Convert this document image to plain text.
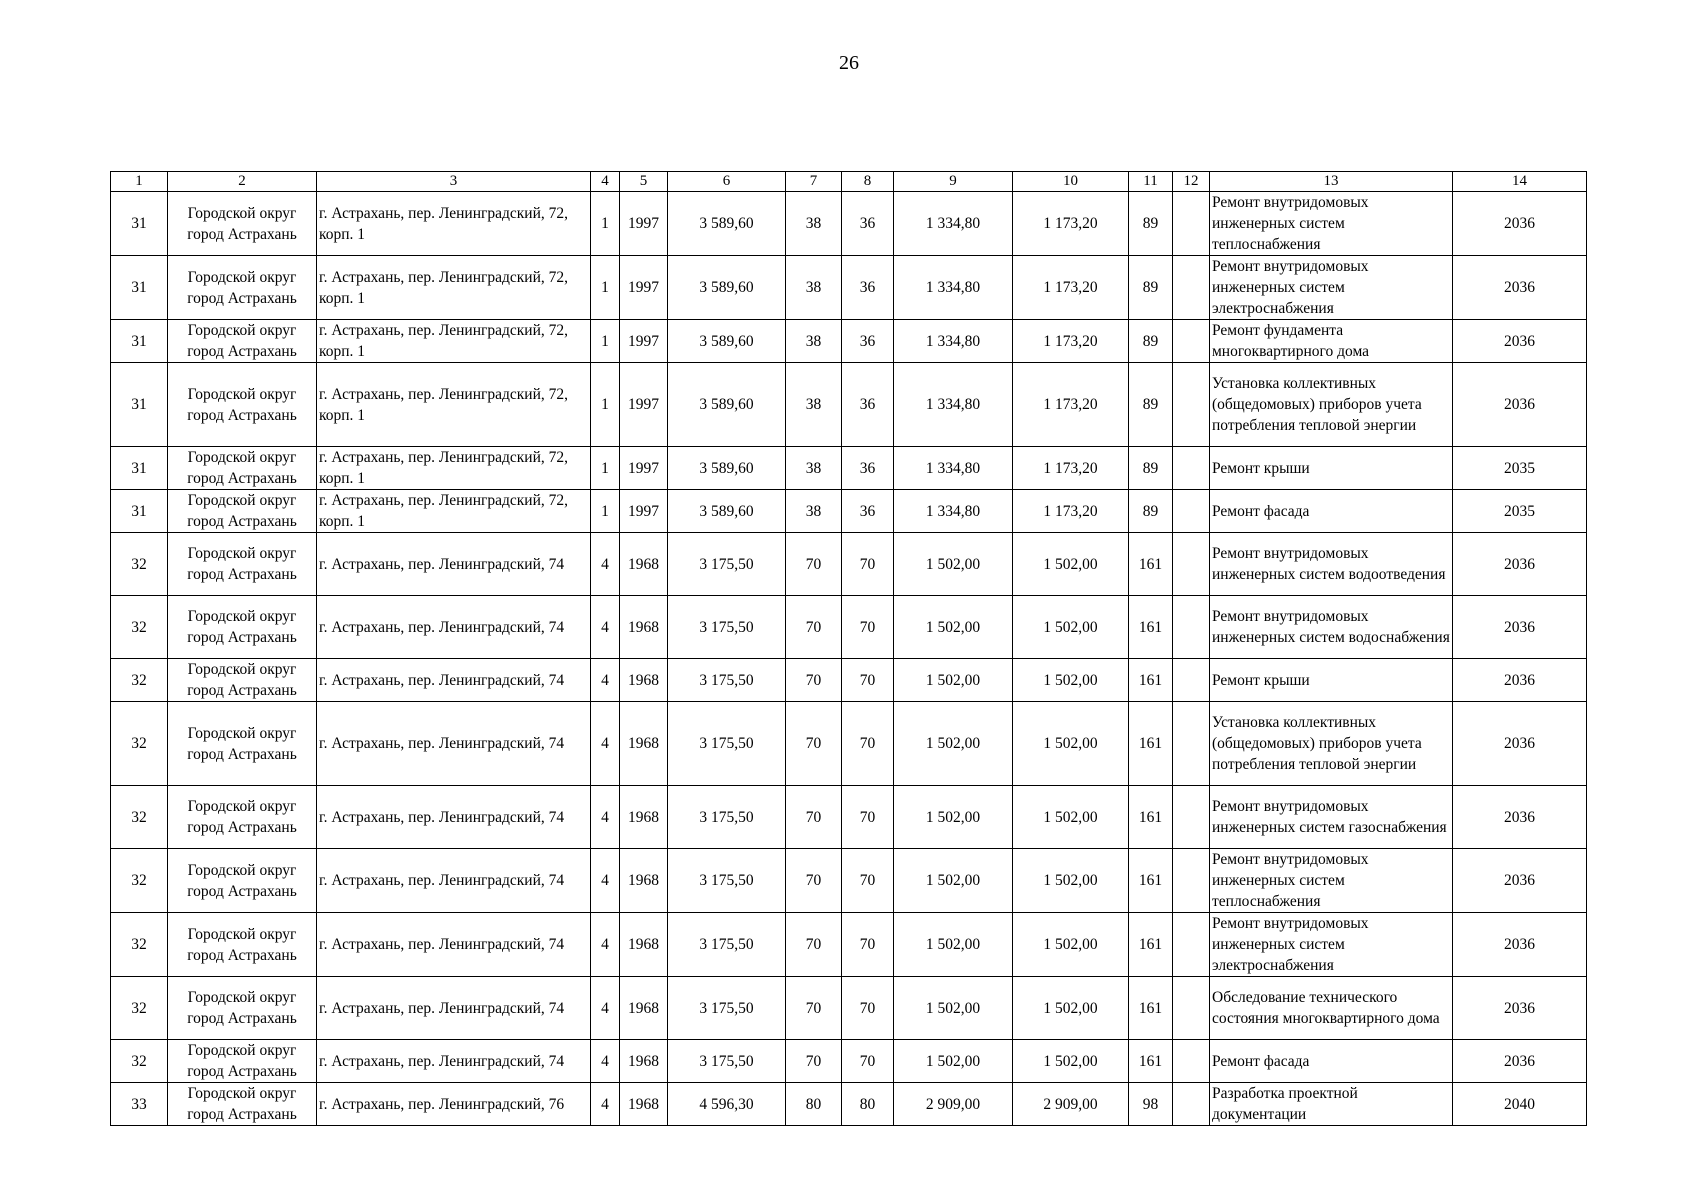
26
1	2	3	4	5	6	7	8	9	10	11	12	13	14
31	Городской округ город Астрахань	г. Астрахань, пер. Ленинградский, 72, корп. 1	1	1997	3 589,60	38	36	1 334,80	1 173,20	89		Ремонт внутридомовых инженерных систем теплоснабжения	2036
31	Городской округ город Астрахань	г. Астрахань, пер. Ленинградский, 72, корп. 1	1	1997	3 589,60	38	36	1 334,80	1 173,20	89		Ремонт внутридомовых инженерных систем электроснабжения	2036
31	Городской округ город Астрахань	г. Астрахань, пер. Ленинградский, 72, корп. 1	1	1997	3 589,60	38	36	1 334,80	1 173,20	89		Ремонт фундамента многоквартирного дома	2036
31	Городской округ город Астрахань	г. Астрахань, пер. Ленинградский, 72, корп. 1	1	1997	3 589,60	38	36	1 334,80	1 173,20	89		Установка коллективных (общедомовых) приборов учета потребления тепловой энергии	2036
31	Городской округ город Астрахань	г. Астрахань, пер. Ленинградский, 72, корп. 1	1	1997	3 589,60	38	36	1 334,80	1 173,20	89		Ремонт крыши	2035
31	Городской округ город Астрахань	г. Астрахань, пер. Ленинградский, 72, корп. 1	1	1997	3 589,60	38	36	1 334,80	1 173,20	89		Ремонт фасада	2035
32	Городской округ город Астрахань	г. Астрахань, пер. Ленинградский, 74	4	1968	3 175,50	70	70	1 502,00	1 502,00	161		Ремонт внутридомовых инженерных систем водоотведения	2036
32	Городской округ город Астрахань	г. Астрахань, пер. Ленинградский, 74	4	1968	3 175,50	70	70	1 502,00	1 502,00	161		Ремонт внутридомовых инженерных систем водоснабжения	2036
32	Городской округ город Астрахань	г. Астрахань, пер. Ленинградский, 74	4	1968	3 175,50	70	70	1 502,00	1 502,00	161		Ремонт крыши	2036
32	Городской округ город Астрахань	г. Астрахань, пер. Ленинградский, 74	4	1968	3 175,50	70	70	1 502,00	1 502,00	161		Установка коллективных (общедомовых) приборов учета потребления тепловой энергии	2036
32	Городской округ город Астрахань	г. Астрахань, пер. Ленинградский, 74	4	1968	3 175,50	70	70	1 502,00	1 502,00	161		Ремонт внутридомовых инженерных систем газоснабжения	2036
32	Городской округ город Астрахань	г. Астрахань, пер. Ленинградский, 74	4	1968	3 175,50	70	70	1 502,00	1 502,00	161		Ремонт внутридомовых инженерных систем теплоснабжения	2036
32	Городской округ город Астрахань	г. Астрахань, пер. Ленинградский, 74	4	1968	3 175,50	70	70	1 502,00	1 502,00	161		Ремонт внутридомовых инженерных систем электроснабжения	2036
32	Городской округ город Астрахань	г. Астрахань, пер. Ленинградский, 74	4	1968	3 175,50	70	70	1 502,00	1 502,00	161		Обследование технического состояния многоквартирного дома	2036
32	Городской округ город Астрахань	г. Астрахань, пер. Ленинградский, 74	4	1968	3 175,50	70	70	1 502,00	1 502,00	161		Ремонт фасада	2036
33	Городской округ город Астрахань	г. Астрахань, пер. Ленинградский, 76	4	1968	4 596,30	80	80	2 909,00	2 909,00	98		Разработка проектной документации	2040
